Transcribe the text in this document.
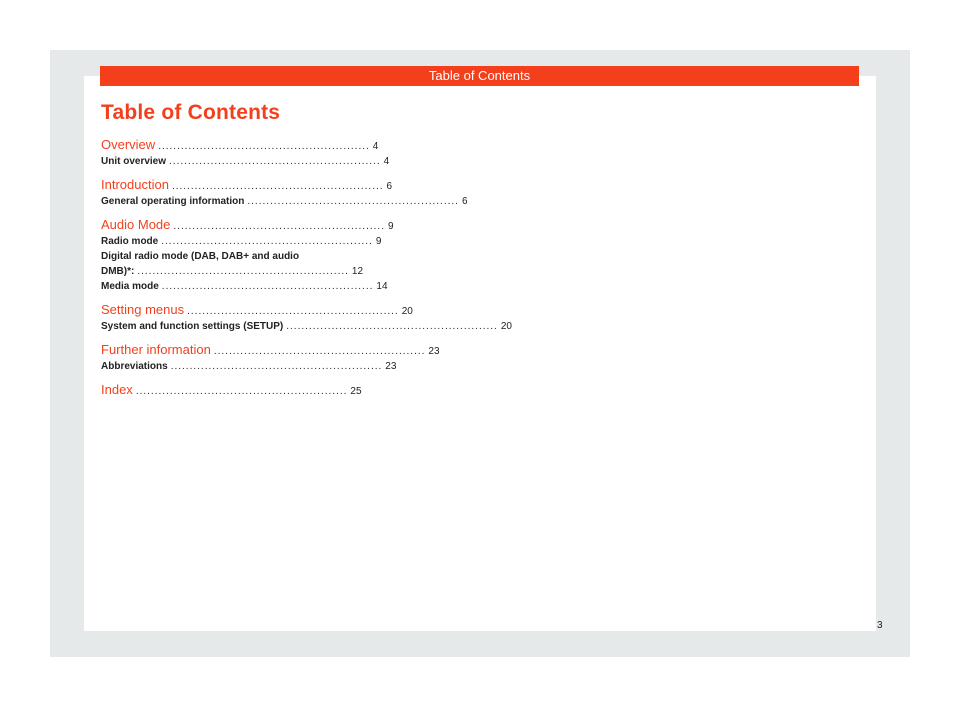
Table of Contents
Table of Contents
Overview ........................................................ 4
Unit overview ........................................................ 4
Introduction ........................................................ 6
General operating information ........................................................ 6
Audio Mode ........................................................ 9
Radio mode ........................................................ 9
Digital radio mode (DAB, DAB+ and audio
DMB)*: ........................................................ 12
Media mode ........................................................ 14
Setting menus ........................................................ 20
System and function settings (SETUP) ........................................................ 20
Further information ........................................................ 23
Abbreviations ........................................................ 23
Index ........................................................ 25
3
